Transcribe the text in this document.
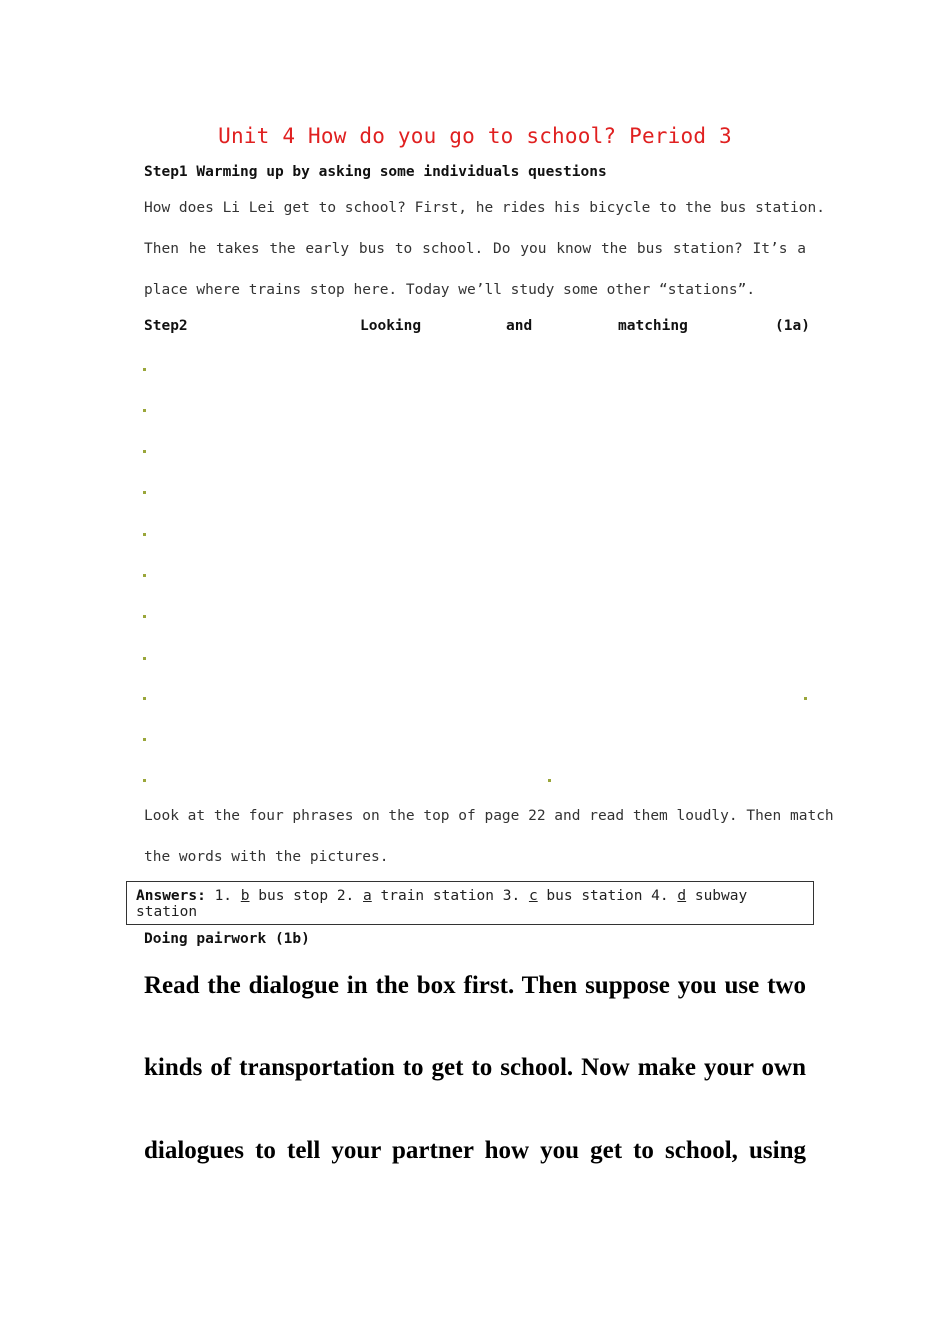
Unit 4 How do you go to school? Period 3
Step1 Warming up by asking some individuals questions
How does Li Lei get to school? First, he rides his bicycle to the bus station.
Then he takes the early bus to school. Do you know the bus station? It’s a
place where trains stop here. Today we’ll study some other “stations”.
Step2	Looking	and	matching	(1a)
Look at the four phrases on the top of page 22 and read them loudly. Then match
the words with the pictures.
Answers: 1. b bus stop 2. a train station 3. c bus station 4. d subway station
Doing pairwork (1b)
Read the dialogue in the box first. Then suppose you use two
kinds of transportation to get to school. Now make your own
dialogues to tell your partner how you get to school, using
